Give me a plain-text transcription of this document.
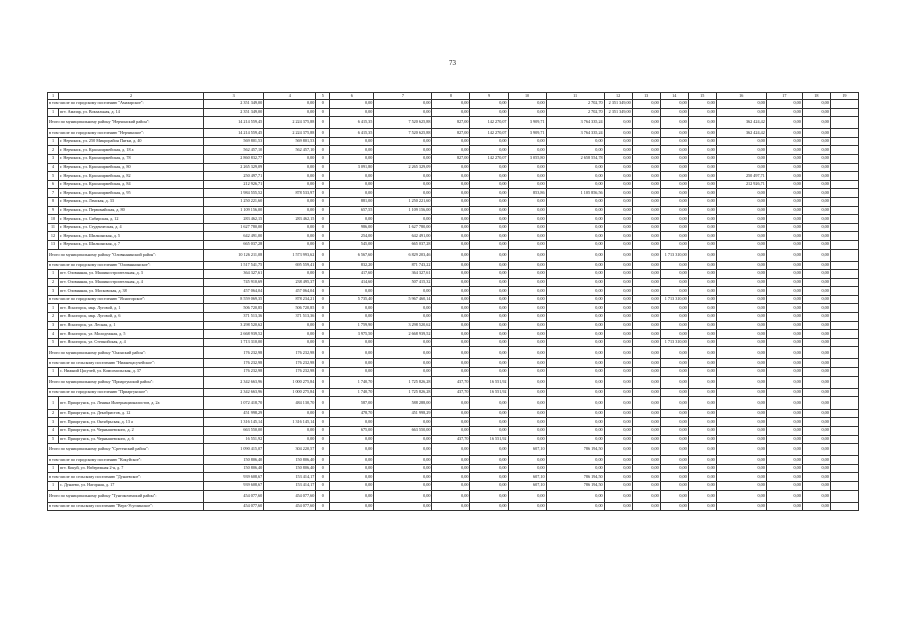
73
1	2	3	4	5	6	7	8	9	10	11	12	13	14	15	16	17	18	19
в том числе по городскому поселению "Амазарское":		2 351 349,00	0,00	0	0,00	0,00	0,00	0,00	0,00	2 702,70	2 351 349,00	0,00	0,00	0,00	0,00	0,00	0,00	
1	пгт. Амазар, ул. Вокзальная, д. 14	2 351 349,00	0,00	0	0,00	0,00	0,00	0,00	0,00	2 702,70	2 351 349,00	0,00	0,00	0,00	0,00	0,00	0,00	
Итого по муниципальному району "Нерчинский район":		14 214 559,45	2 224 375,88	0	6 415,35	7 520 625,88	827,00	142 270,07	3 909,71	3 764 335,24	0,00	0,00	0,00	0,00	362 424,42	0,00	0,00	
в том числе по городскому поселению "Нерчинское":		14 214 559,45	2 224 375,88	0	6 415,35	7 520 625,88	827,00	142 270,07	3 909,71	3 764 335,24	0,00	0,00	0,00	0,00	362 424,42	0,00	0,00	
1	г. Нерчинск, ул. 250 Микрорайон Пятки, д. 40	569 801,53	569 801,53	0	0,00	0,00	0,00	0,00	0,00	0,00	0,00	0,00	0,00	0,00	0,00	0,00	0,00	
2	г. Нерчинск, ул. Красноармейская, д. 18 а	562 457,10	562 457,10	0	0,00	0,00	0,00	0,00	0,00	0,00	0,00	0,00	0,00	0,00	0,00	0,00	0,00	
3	г. Нерчинск, ул. Красноармейская, д. 78	2 860 832,77	0,00	0	0,00	0,00	827,00	142 270,07	3 055,80	2 658 554,78	0,00	0,00	0,00	0,00	0,00	0,00	0,00	
4	г. Нерчинск, ул. Красноармейская, д. 80	2 265 329,09	0,00	0	3 091,80	2 265 329,09	0,00	0,00	0,00	0,00	0,00	0,00	0,00	0,00	0,00	0,00	0,00	
5	г. Нерчинск, ул. Красноармейская, д. 82	250 497,71	0,00	0	0,00	0,00	0,00	0,00	0,00	0,00	0,00	0,00	0,00	0,00	250 497,71	0,00	0,00	
6	г. Нерчинск, ул. Красноармейская, д. 84	212 926,71	0,00	0	0,00	0,00	0,00	0,00	0,00	0,00	0,00	0,00	0,00	0,00	212 926,71	0,00	0,00	
7	г. Нерчинск, ул. Красноармейская, д. 95	1 984 555,52	878 533,97	0	0,00	0,00	0,00	0,00	853,86	1 105 856,56	0,00	0,00	0,00	0,00	0,00	0,00	0,00	
8	г. Нерчинск, ул. Ленская, д. 33	1 250 221,60	0,00	0	881,00	1 250 221,60	0,00	0,00	0,00	0,00	0,00	0,00	0,00	0,00	0,00	0,00	0,00	
9	г. Нерчинск, ул. Первомайская, д. 80	1 109 156,00	0,00	0	657,55	1 109 156,00	0,00	0,00	0,00	0,00	0,00	0,00	0,00	0,00	0,00	0,00	0,00	
10	г. Нерчинск, ул. Сибирская, д. 12	283 462,15	283 462,15	0	0,00	0,00	0,00	0,00	0,00	0,00	0,00	0,00	0,00	0,00	0,00	0,00	0,00	
11	г. Нерчинск, ул. Студенческая, д. 4	1 627 780,00	0,00	0	986,00	1 627 780,00	0,00	0,00	0,00	0,00	0,00	0,00	0,00	0,00	0,00	0,00	0,00	
12	г. Нерчинск, ул. Шилкинская, д. 5	642 491,00	0,00	0	254,00	642 491,00	0,00	0,00	0,00	0,00	0,00	0,00	0,00	0,00	0,00	0,00	0,00	
13	г. Нерчинск, ул. Шилкинская, д. 7	665 037,28	0,00	0	545,00	665 037,28	0,00	0,00	0,00	0,00	0,00	0,00	0,00	0,00	0,00	0,00	0,00	
Итого по муниципальному району "Оловяннинский район":		10 126 211,08	1 573 993,62	0	6 567,60	6 829 203,46	0,00	0,00	0,00	0,00	0,00	0,00	1 713 310,00	0,00	0,00	0,00	0,00	
в том числе по городскому поселению "Оловяннинское":		1 517 541,75	695 559,41	0	832,20	871 743,22	0,00	0,00	0,00	0,00	0,00	0,00	0,00	0,00	0,00	0,00	0,00	
1	пгт. Оловянная, ул. Машиностроительная, д. 3	364 327,61	0,00	0	417,60	364 327,61	0,00	0,00	0,00	0,00	0,00	0,00	0,00	0,00	0,00	0,00	0,00	
2	пгт. Оловянная, ул. Машиностроительная, д. 4	745 910,69	238 495,37	0	414,60	507 415,32	0,00	0,00	0,00	0,00	0,00	0,00	0,00	0,00	0,00	0,00	0,00	
3	пгт. Оловянная, ул. Московская, д. 38	457 064,04	457 064,04	0	0,00	0,00	0,00	0,00	0,00	0,00	0,00	0,00	0,00	0,00	0,00	0,00	0,00	
в том числе по городскому поселению "Ясногорское":		8 559 069,35	878 234,21	0	5 735,40	5 967 460,14	0,00	0,00	0,00	0,00	0,00	0,00	1 713 310,00	0,00	0,00	0,00	0,00	
1	пгт. Ясногорск, мкр. Луговой, д. 1	506 720,85	506 720,85	0	0,00	0,00	0,00	0,00	0,00	0,00	0,00	0,00	0,00	0,00	0,00	0,00	0,00	
2	пгт. Ясногорск, мкр. Луговой, д. 6	371 513,36	371 513,36	0	0,00	0,00	0,00	0,00	0,00	0,00	0,00	0,00	0,00	0,00	0,00	0,00	0,00	
3	пгт. Ясногорск, ул. Лесная, д. 1	3 298 520,62	0,00	0	1 759,90	3 298 520,62	0,00	0,00	0,00	0,00	0,00	0,00	0,00	0,00	0,00	0,00	0,00	
4	пгт. Ясногорск, ул. Молодежная, д. 5	2 668 939,52	0,00	0	3 975,50	2 668 939,52	0,00	0,00	0,00	0,00	0,00	0,00	0,00	0,00	0,00	0,00	0,00	
5	пгт. Ясногорск, ул. Степнойская, д. 4	1 713 310,00	0,00	0	0,00	0,00	0,00	0,00	0,00	0,00	0,00	0,00	1 713 310,00	0,00	0,00	0,00	0,00	
Итого по муниципальному району "Ононский район":		176 232,98	176 232,98	0	0,00	0,00	0,00	0,00	0,00	0,00	0,00	0,00	0,00	0,00	0,00	0,00	0,00	
в том числе по сельскому поселению "Нижнецасучейское":		176 232,98	176 232,98	0	0,00	0,00	0,00	0,00	0,00	0,00	0,00	0,00	0,00	0,00	0,00	0,00	0,00	
1	с. Нижний Цасучей, ул. Комсомольская, д. 37	176 232,98	176 232,98	0	0,00	0,00	0,00	0,00	0,00	0,00	0,00	0,00	0,00	0,00	0,00	0,00	0,00	
Итого по муниципальному району "Приаргунский район":		2 342 663,96	1 000 275,84	0	1 740,70	1 725 826,28	437,70	16 551,92	0,00	0,00	0,00	0,00	0,00	0,00	0,00	0,00	0,00	
в том числе по городскому поселению "Приаргунское":		2 342 663,96	1 000 275,84	0	1 740,70	1 725 826,28	437,70	16 551,92	0,00	0,00	0,00	0,00	0,00	0,00	0,00	0,00	0,00	
1	пгт. Приаргунск, ул. Ленина Интернационалистов, д. 2а	1 072 418,70	484 130,70	0	587,00	588 288,00	0,00	0,00	0,00	0,00	0,00	0,00	0,00	0,00	0,00	0,00	0,00	
2	пгт. Приаргунск, ул. Декабристов, д. 12	451 998,29	0,00	0	478,70	451 998,29	0,00	0,00	0,00	0,00	0,00	0,00	0,00	0,00	0,00	0,00	0,00	
3	пгт. Приаргунск, ул. Октябрьская, д. 13 а	1 316 145,14	1 316 145,14	0	0,00	0,00	0,00	0,00	0,00	0,00	0,00	0,00	0,00	0,00	0,00	0,00	0,00	
4	пгт. Приаргунск, ул. Чернышевского, д. 2	663 550,00	0,00	0	675,00	663 550,00	0,00	0,00	0,00	0,00	0,00	0,00	0,00	0,00	0,00	0,00	0,00	
5	пгт. Приаргунск, ул. Чернышевского, д. 6	16 551,92	0,00	0	0,00	0,00	437,70	16 551,92	0,00	0,00	0,00	0,00	0,00	0,00	0,00	0,00	0,00	
Итого по муниципальному району "Сретенский район":		1 090 415,07	304 220,57	0	0,00	0,00	0,00	0,00	607,10	786 194,50	0,00	0,00	0,00	0,00	0,00	0,00	0,00	
в том числе по городскому поселению "Кокуйское":		150 806,40	150 806,40	0	0,00	0,00	0,00	0,00	0,00	0,00	0,00	0,00	0,00	0,00	0,00	0,00	0,00	
1	пгт. Кокуй, ул. Набережная 2-я, д. 7	150 806,40	150 806,40	0	0,00	0,00	0,00	0,00	0,00	0,00	0,00	0,00	0,00	0,00	0,00	0,00	0,00	
в том числе по сельскому поселению "Дунаевское":		939 608,67	153 414,17	0	0,00	0,00	0,00	0,00	607,10	786 194,50	0,00	0,00	0,00	0,00	0,00	0,00	0,00	
1	с. Дунаево, ул. Нагорная, д. 17	939 608,67	153 414,17	0	0,00	0,00	0,00	0,00	607,10	786 194,50	0,00	0,00	0,00	0,00	0,00	0,00	0,00	
Итого по муниципальному району "Тунгокоченский район":		454 077,60	454 077,60	0	0,00	0,00	0,00	0,00	0,00	0,00	0,00	0,00	0,00	0,00	0,00	0,00	0,00	
в том числе по сельскому поселению "Верх-Усуглинское":		454 077,60	454 077,60	0	0,00	0,00	0,00	0,00	0,00	0,00	0,00	0,00	0,00	0,00	0,00	0,00	0,00	
